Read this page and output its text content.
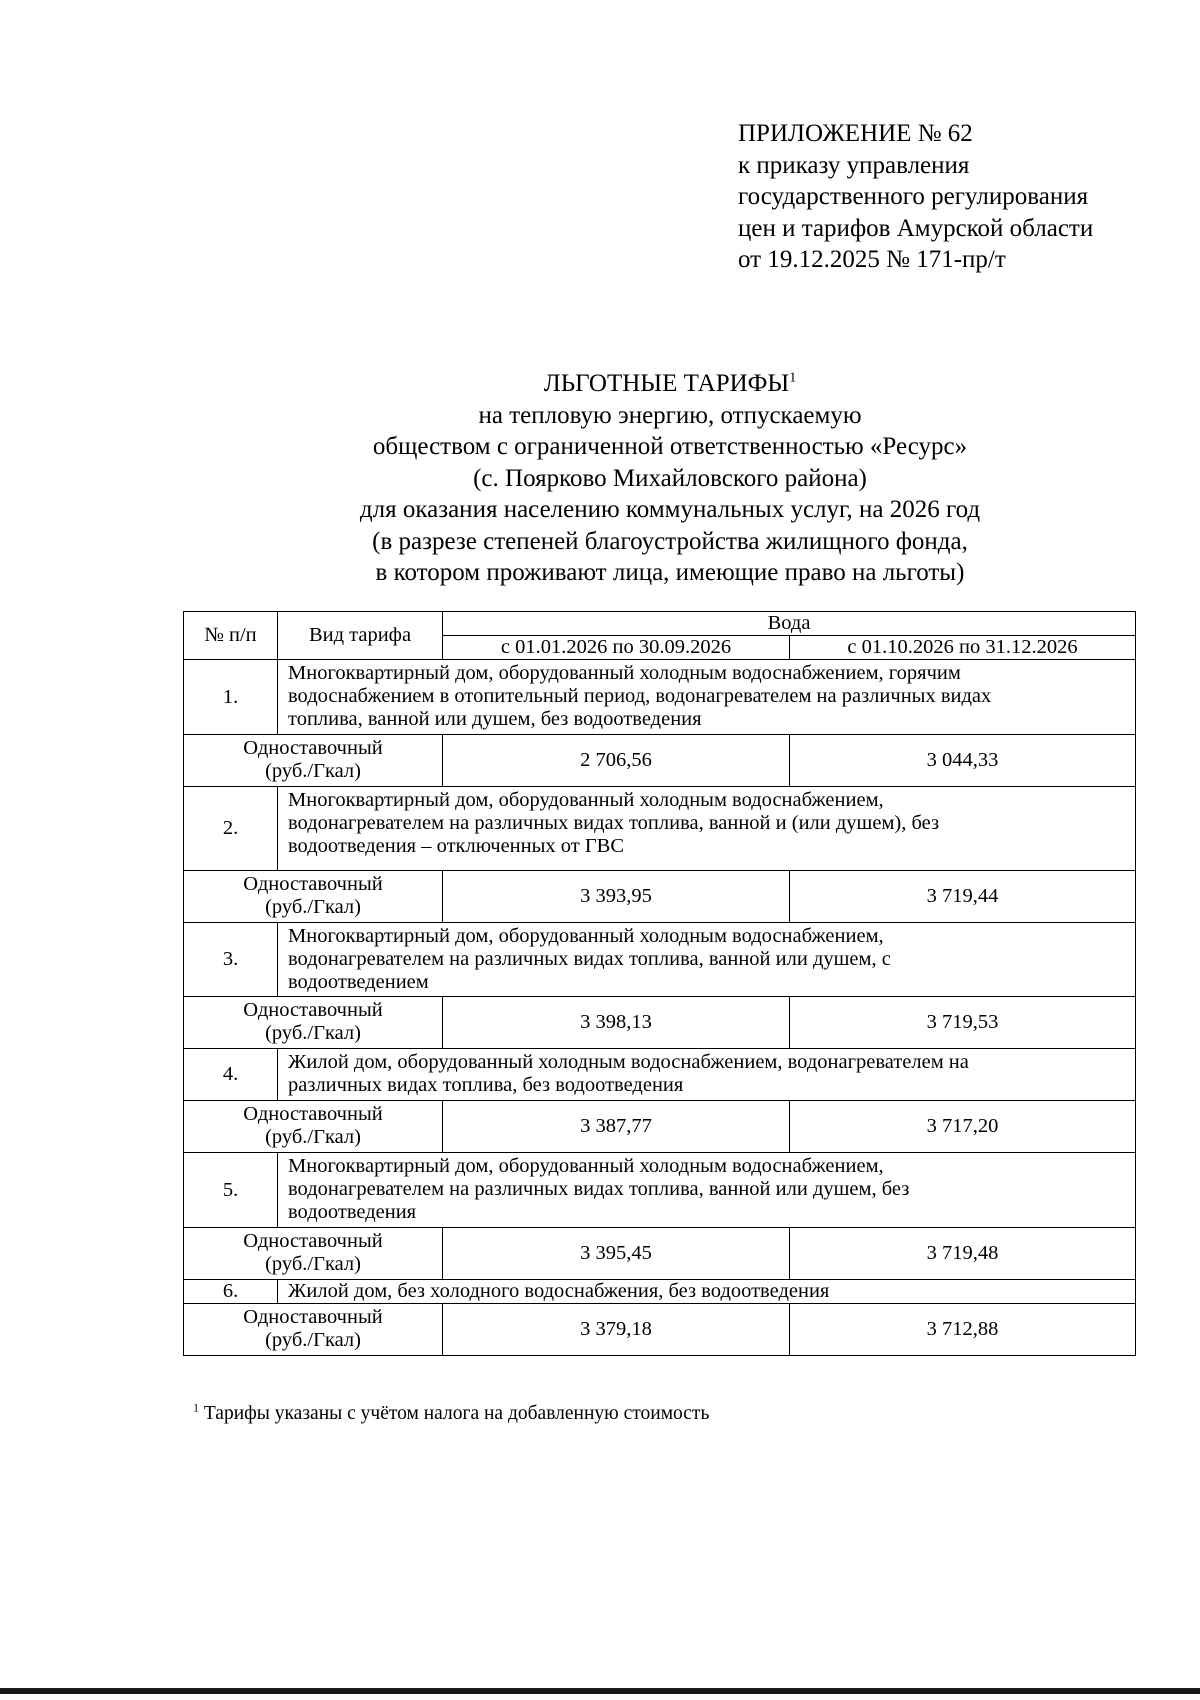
ПРИЛОЖЕНИЕ № 62
к приказу управления
государственного регулирования
цен и тарифов Амурской области
от 19.12.2025 № 171-пр/т
ЛЬГОТНЫЕ ТАРИФЫ$^1$
на тепловую энергию, отпускаемую
обществом с ограниченной ответственностью «Ресурс»
(с. Поярково Михайловского района)
для оказания населению коммунальных услуг, на 2026 год
(в разрезе степеней благоустройства жилищного фонда,
в котором проживают лица, имеющие право на льготы)
№ п/п	Вид тарифа	Вода	
		с 01.01.2026 по 30.09.2026	с 01.10.2026 по 31.12.2026
1.	Многоквартирный дом, оборудованный холодным водоснабжением, горячим
водоснабжением в отопительный период, водонагревателем на различных видах
топлива, ванной или душем, без водоотведения		

Одноставочный
(руб./Гкал)		2 706,56	3 044,33
2.	Многоквартирный дом, оборудованный холодным водоснабжением,
водонагревателем на различных видах топлива, ванной и (или душем), без
водоотведения – отключенных от ГВС		

Одноставочный
(руб./Гкал)		3 393,95	3 719,44
3.	Многоквартирный дом, оборудованный холодным водоснабжением,
водонагревателем на различных видах топлива, ванной или душем, с
водоотведением		

Одноставочный
(руб./Гкал)		3 398,13	3 719,53
4.	Жилой дом, оборудованный холодным водоснабжением, водонагревателем на
различных видах топлива, без водоотведения		

Одноставочный
(руб./Гкал)		3 387,77	3 717,20
5.	Многоквартирный дом, оборудованный холодным водоснабжением,
водонагревателем на различных видах топлива, ванной или душем, без
водоотведения		

Одноставочный
(руб./Гкал)		3 395,45	3 719,48
6.	Жилой дом, без холодного водоснабжения, без водоотведения		

Одноставочный
(руб./Гкал)		3 379,18	3 712,88
$^1$ Тарифы указаны с учётом налога на добавленную стоимость
